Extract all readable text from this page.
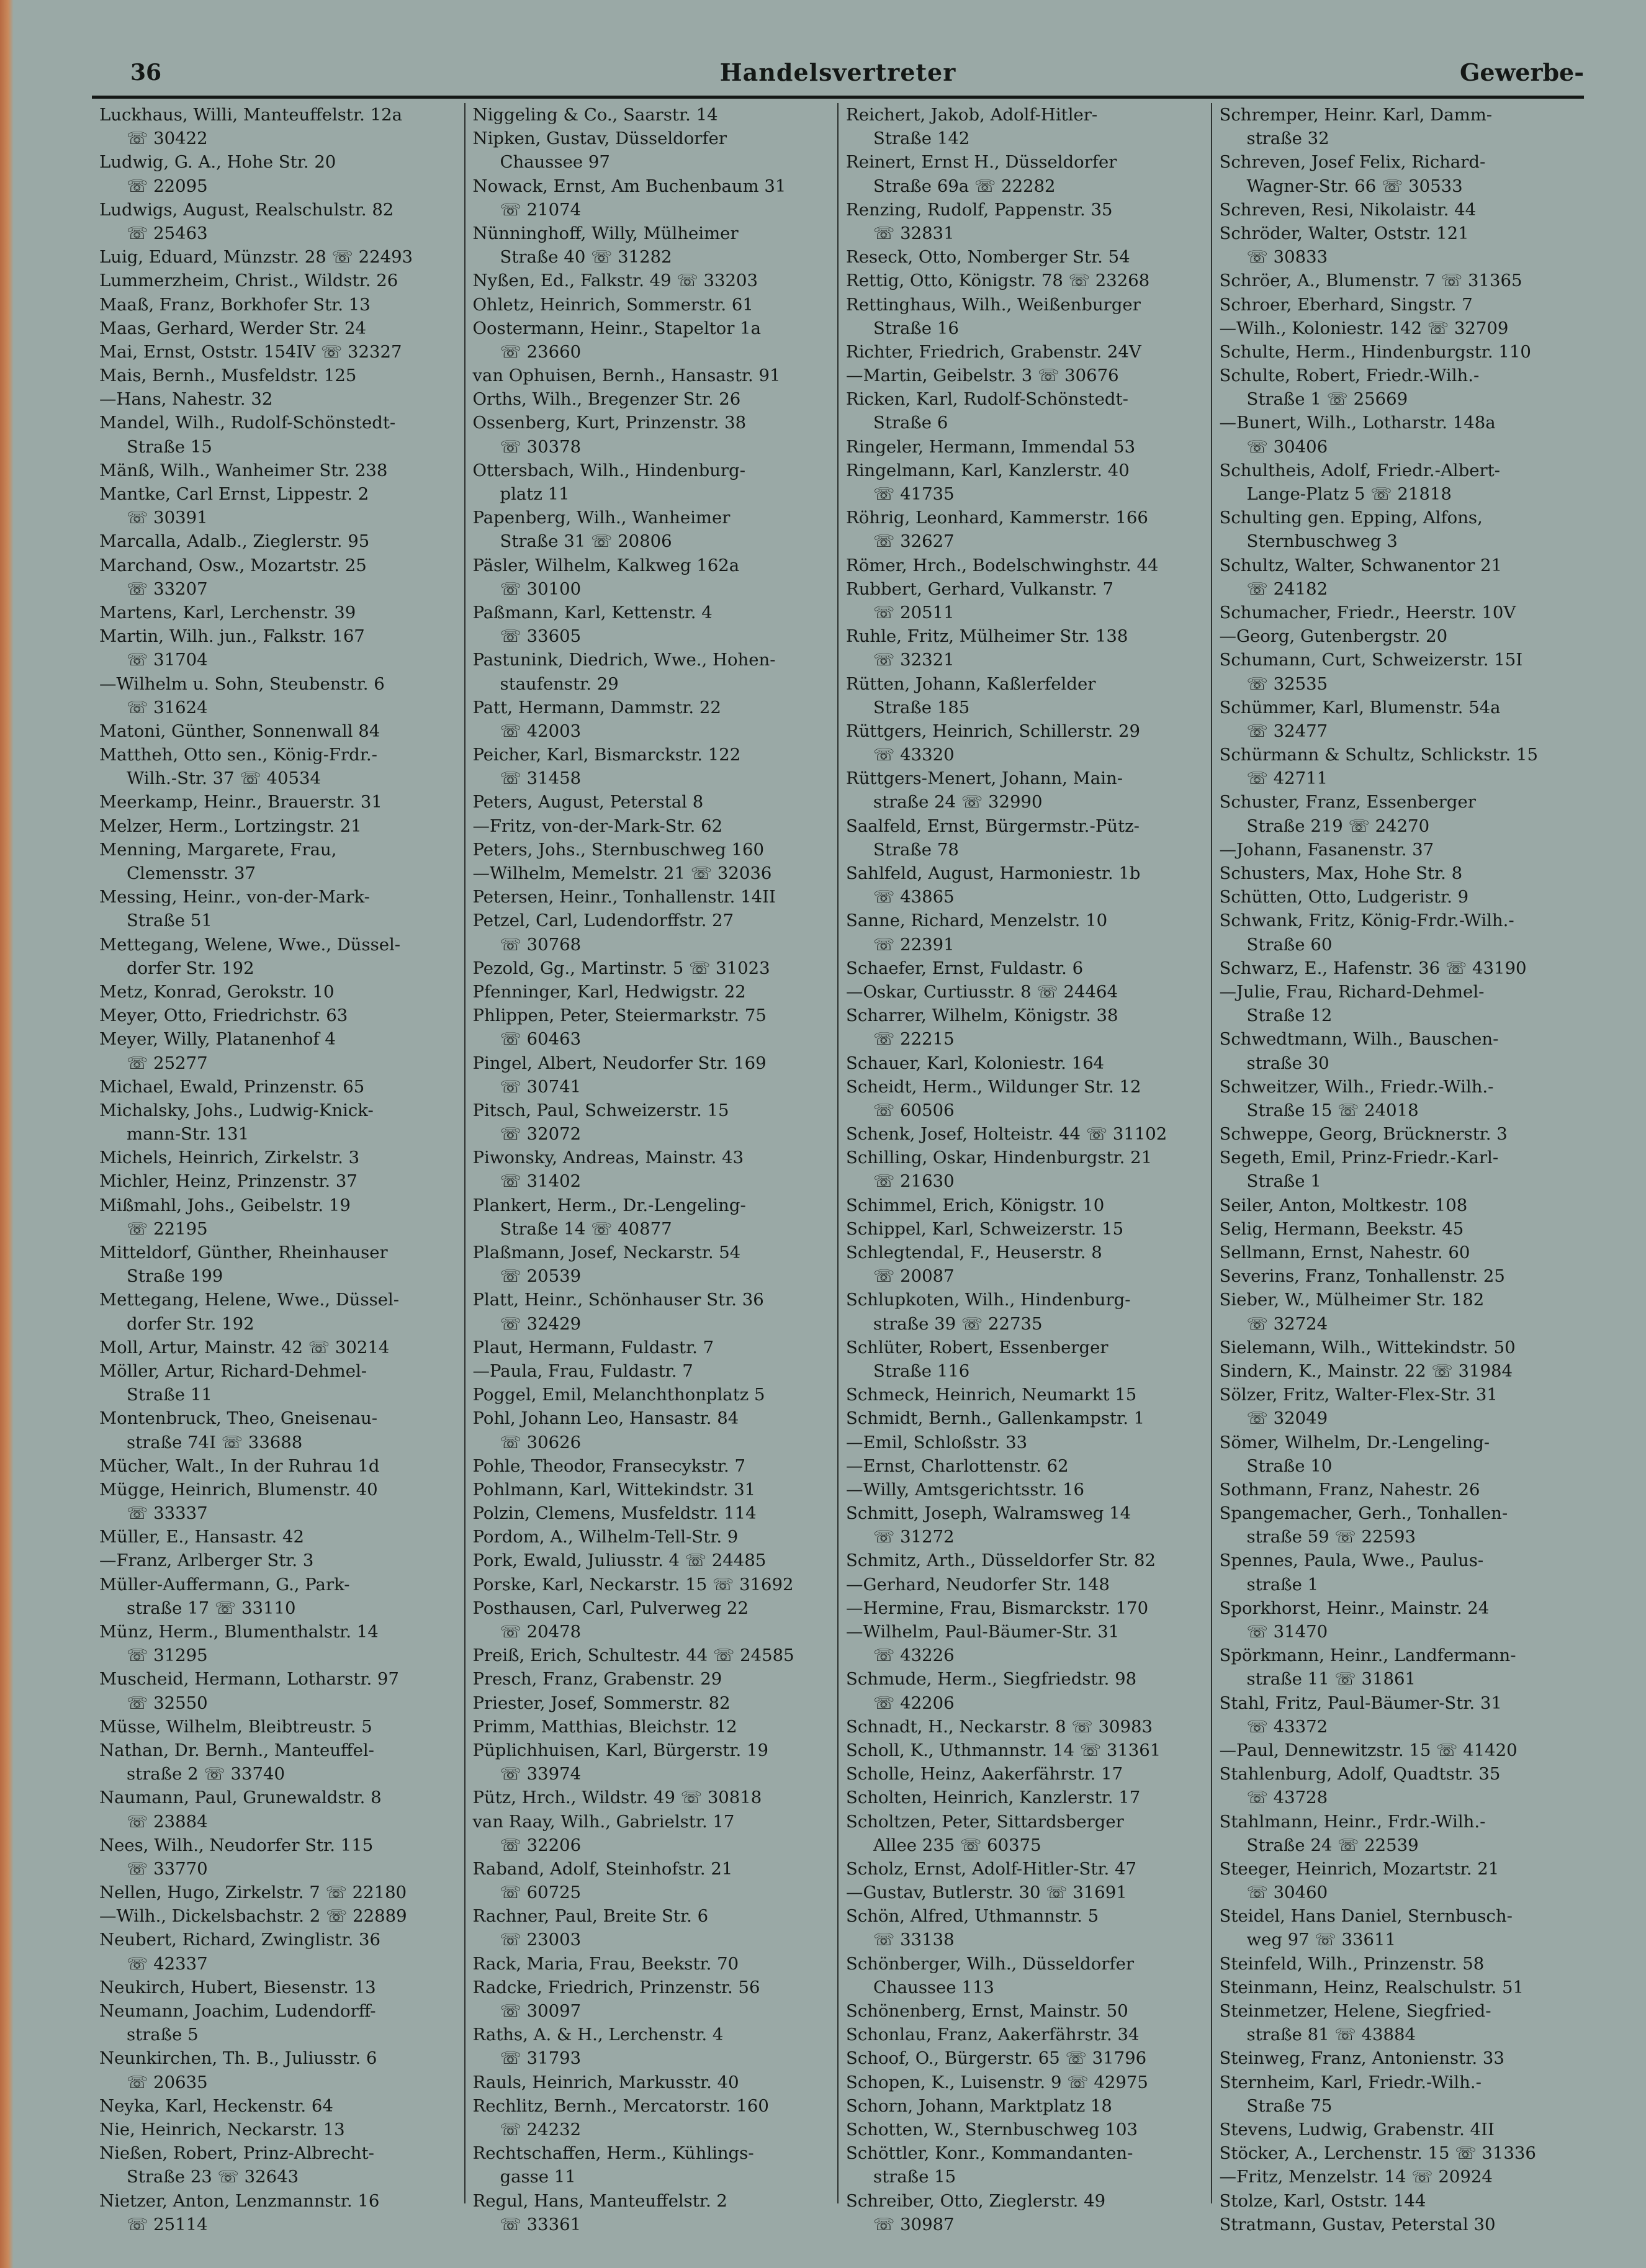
36	Handelsvertreter	Gewerbe-
Luckhaus, Willi, Manteuffelstr. 12a
☏ 30422
Ludwig, G. A., Hohe Str. 20
☏ 22095
Ludwigs, August, Realschulstr. 82
☏ 25463
Luig, Eduard, Münzstr. 28 ☏ 22493
Lummerzheim, Christ., Wildstr. 26
Maaß, Franz, Borkhofer Str. 13
Maas, Gerhard, Werder Str. 24
Mai, Ernst, Oststr. 154IV ☏ 32327
Mais, Bernh., Musfeldstr. 125
—Hans, Nahestr. 32
Mandel, Wilh., Rudolf-Schönstedt-
Straße 15
Mänß, Wilh., Wanheimer Str. 238
Mantke, Carl Ernst, Lippestr. 2
☏ 30391
Marcalla, Adalb., Zieglerstr. 95
Marchand, Osw., Mozartstr. 25
☏ 33207
Martens, Karl, Lerchenstr. 39
Martin, Wilh. jun., Falkstr. 167
☏ 31704
—Wilhelm u. Sohn, Steubenstr. 6
☏ 31624
Matoni, Günther, Sonnenwall 84
Mattheh, Otto sen., König-Frdr.-
Wilh.-Str. 37 ☏ 40534
Meerkamp, Heinr., Brauerstr. 31
Melzer, Herm., Lortzingstr. 21
Menning, Margarete, Frau,
Clemensstr. 37
Messing, Heinr., von-der-Mark-
Straße 51
Mettegang, Welene, Wwe., Düssel-
dorfer Str. 192
Metz, Konrad, Gerokstr. 10
Meyer, Otto, Friedrichstr. 63
Meyer, Willy, Platanenhof 4
☏ 25277
Michael, Ewald, Prinzenstr. 65
Michalsky, Johs., Ludwig-Knick-
mann-Str. 131
Michels, Heinrich, Zirkelstr. 3
Michler, Heinz, Prinzenstr. 37
Mißmahl, Johs., Geibelstr. 19
☏ 22195
Mitteldorf, Günther, Rheinhauser
Straße 199
Mettegang, Helene, Wwe., Düssel-
dorfer Str. 192
Moll, Artur, Mainstr. 42 ☏ 30214
Möller, Artur, Richard-Dehmel-
Straße 11
Montenbruck, Theo, Gneisenau-
straße 74I ☏ 33688
Mücher, Walt., In der Ruhrau 1d
Mügge, Heinrich, Blumenstr. 40
☏ 33337
Müller, E., Hansastr. 42
—Franz, Arlberger Str. 3
Müller-Auffermann, G., Park-
straße 17 ☏ 33110
Münz, Herm., Blumenthalstr. 14
☏ 31295
Muscheid, Hermann, Lotharstr. 97
☏ 32550
Müsse, Wilhelm, Bleibtreustr. 5
Nathan, Dr. Bernh., Manteuffel-
straße 2 ☏ 33740
Naumann, Paul, Grunewaldstr. 8
☏ 23884
Nees, Wilh., Neudorfer Str. 115
☏ 33770
Nellen, Hugo, Zirkelstr. 7 ☏ 22180
—Wilh., Dickelsbachstr. 2 ☏ 22889
Neubert, Richard, Zwinglistr. 36
☏ 42337
Neukirch, Hubert, Biesenstr. 13
Neumann, Joachim, Ludendorff-
straße 5
Neunkirchen, Th. B., Juliusstr. 6
☏ 20635
Neyka, Karl, Heckenstr. 64
Nie, Heinrich, Neckarstr. 13
Nießen, Robert, Prinz-Albrecht-
Straße 23 ☏ 32643
Nietzer, Anton, Lenzmannstr. 16
☏ 25114
Niggeling & Co., Saarstr. 14
Nipken, Gustav, Düsseldorfer
Chaussee 97
Nowack, Ernst, Am Buchenbaum 31
☏ 21074
Nünninghoff, Willy, Mülheimer
Straße 40 ☏ 31282
Nyßen, Ed., Falkstr. 49 ☏ 33203
Ohletz, Heinrich, Sommerstr. 61
Oostermann, Heinr., Stapeltor 1a
☏ 23660
van Ophuisen, Bernh., Hansastr. 91
Orths, Wilh., Bregenzer Str. 26
Ossenberg, Kurt, Prinzenstr. 38
☏ 30378
Ottersbach, Wilh., Hindenburg-
platz 11
Papenberg, Wilh., Wanheimer
Straße 31 ☏ 20806
Päsler, Wilhelm, Kalkweg 162a
☏ 30100
Paßmann, Karl, Kettenstr. 4
☏ 33605
Pastunink, Diedrich, Wwe., Hohen-
staufenstr. 29
Patt, Hermann, Dammstr. 22
☏ 42003
Peicher, Karl, Bismarckstr. 122
☏ 31458
Peters, August, Peterstal 8
—Fritz, von-der-Mark-Str. 62
Peters, Johs., Sternbuschweg 160
—Wilhelm, Memelstr. 21 ☏ 32036
Petersen, Heinr., Tonhallenstr. 14II
Petzel, Carl, Ludendorffstr. 27
☏ 30768
Pezold, Gg., Martinstr. 5 ☏ 31023
Pfenninger, Karl, Hedwigstr. 22
Phlippen, Peter, Steiermarkstr. 75
☏ 60463
Pingel, Albert, Neudorfer Str. 169
☏ 30741
Pitsch, Paul, Schweizerstr. 15
☏ 32072
Piwonsky, Andreas, Mainstr. 43
☏ 31402
Plankert, Herm., Dr.-Lengeling-
Straße 14 ☏ 40877
Plaßmann, Josef, Neckarstr. 54
☏ 20539
Platt, Heinr., Schönhauser Str. 36
☏ 32429
Plaut, Hermann, Fuldastr. 7
—Paula, Frau, Fuldastr. 7
Poggel, Emil, Melanchthonplatz 5
Pohl, Johann Leo, Hansastr. 84
☏ 30626
Pohle, Theodor, Fransecykstr. 7
Pohlmann, Karl, Wittekindstr. 31
Polzin, Clemens, Musfeldstr. 114
Pordom, A., Wilhelm-Tell-Str. 9
Pork, Ewald, Juliusstr. 4 ☏ 24485
Porske, Karl, Neckarstr. 15 ☏ 31692
Posthausen, Carl, Pulverweg 22
☏ 20478
Preiß, Erich, Schultestr. 44 ☏ 24585
Presch, Franz, Grabenstr. 29
Priester, Josef, Sommerstr. 82
Primm, Matthias, Bleichstr. 12
Püplichhuisen, Karl, Bürgerstr. 19
☏ 33974
Pütz, Hrch., Wildstr. 49 ☏ 30818
van Raay, Wilh., Gabrielstr. 17
☏ 32206
Raband, Adolf, Steinhofstr. 21
☏ 60725
Rachner, Paul, Breite Str. 6
☏ 23003
Rack, Maria, Frau, Beekstr. 70
Radcke, Friedrich, Prinzenstr. 56
☏ 30097
Raths, A. & H., Lerchenstr. 4
☏ 31793
Rauls, Heinrich, Markusstr. 40
Rechlitz, Bernh., Mercatorstr. 160
☏ 24232
Rechtschaffen, Herm., Kühlings-
gasse 11
Regul, Hans, Manteuffelstr. 2
☏ 33361
Reichert, Jakob, Adolf-Hitler-
Straße 142
Reinert, Ernst H., Düsseldorfer
Straße 69a ☏ 22282
Renzing, Rudolf, Pappenstr. 35
☏ 32831
Reseck, Otto, Nomberger Str. 54
Rettig, Otto, Königstr. 78 ☏ 23268
Rettinghaus, Wilh., Weißenburger
Straße 16
Richter, Friedrich, Grabenstr. 24V
—Martin, Geibelstr. 3 ☏ 30676
Ricken, Karl, Rudolf-Schönstedt-
Straße 6
Ringeler, Hermann, Immendal 53
Ringelmann, Karl, Kanzlerstr. 40
☏ 41735
Röhrig, Leonhard, Kammerstr. 166
☏ 32627
Römer, Hrch., Bodelschwinghstr. 44
Rubbert, Gerhard, Vulkanstr. 7
☏ 20511
Ruhle, Fritz, Mülheimer Str. 138
☏ 32321
Rütten, Johann, Kaßlerfelder
Straße 185
Rüttgers, Heinrich, Schillerstr. 29
☏ 43320
Rüttgers-Menert, Johann, Main-
straße 24 ☏ 32990
Saalfeld, Ernst, Bürgermstr.-Pütz-
Straße 78
Sahlfeld, August, Harmoniestr. 1b
☏ 43865
Sanne, Richard, Menzelstr. 10
☏ 22391
Schaefer, Ernst, Fuldastr. 6
—Oskar, Curtiusstr. 8 ☏ 24464
Scharrer, Wilhelm, Königstr. 38
☏ 22215
Schauer, Karl, Koloniestr. 164
Scheidt, Herm., Wildunger Str. 12
☏ 60506
Schenk, Josef, Holteistr. 44 ☏ 31102
Schilling, Oskar, Hindenburgstr. 21
☏ 21630
Schimmel, Erich, Königstr. 10
Schippel, Karl, Schweizerstr. 15
Schlegtendal, F., Heuserstr. 8
☏ 20087
Schlupkoten, Wilh., Hindenburg-
straße 39 ☏ 22735
Schlüter, Robert, Essenberger
Straße 116
Schmeck, Heinrich, Neumarkt 15
Schmidt, Bernh., Gallenkampstr. 1
—Emil, Schloßstr. 33
—Ernst, Charlottenstr. 62
—Willy, Amtsgerichtsstr. 16
Schmitt, Joseph, Walramsweg 14
☏ 31272
Schmitz, Arth., Düsseldorfer Str. 82
—Gerhard, Neudorfer Str. 148
—Hermine, Frau, Bismarckstr. 170
—Wilhelm, Paul-Bäumer-Str. 31
☏ 43226
Schmude, Herm., Siegfriedstr. 98
☏ 42206
Schnadt, H., Neckarstr. 8 ☏ 30983
Scholl, K., Uthmannstr. 14 ☏ 31361
Scholle, Heinz, Aakerfährstr. 17
Scholten, Heinrich, Kanzlerstr. 17
Scholtzen, Peter, Sittardsberger
Allee 235 ☏ 60375
Scholz, Ernst, Adolf-Hitler-Str. 47
—Gustav, Butlerstr. 30 ☏ 31691
Schön, Alfred, Uthmannstr. 5
☏ 33138
Schönberger, Wilh., Düsseldorfer
Chaussee 113
Schönenberg, Ernst, Mainstr. 50
Schonlau, Franz, Aakerfährstr. 34
Schoof, O., Bürgerstr. 65 ☏ 31796
Schopen, K., Luisenstr. 9 ☏ 42975
Schorn, Johann, Marktplatz 18
Schotten, W., Sternbuschweg 103
Schöttler, Konr., Kommandanten-
straße 15
Schreiber, Otto, Zieglerstr. 49
☏ 30987
Schremper, Heinr. Karl, Damm-
straße 32
Schreven, Josef Felix, Richard-
Wagner-Str. 66 ☏ 30533
Schreven, Resi, Nikolaistr. 44
Schröder, Walter, Oststr. 121
☏ 30833
Schröer, A., Blumenstr. 7 ☏ 31365
Schroer, Eberhard, Singstr. 7
—Wilh., Koloniestr. 142 ☏ 32709
Schulte, Herm., Hindenburgstr. 110
Schulte, Robert, Friedr.-Wilh.-
Straße 1 ☏ 25669
—Bunert, Wilh., Lotharstr. 148a
☏ 30406
Schultheis, Adolf, Friedr.-Albert-
Lange-Platz 5 ☏ 21818
Schulting gen. Epping, Alfons,
Sternbuschweg 3
Schultz, Walter, Schwanentor 21
☏ 24182
Schumacher, Friedr., Heerstr. 10V
—Georg, Gutenbergstr. 20
Schumann, Curt, Schweizerstr. 15I
☏ 32535
Schümmer, Karl, Blumenstr. 54a
☏ 32477
Schürmann & Schultz, Schlickstr. 15
☏ 42711
Schuster, Franz, Essenberger
Straße 219 ☏ 24270
—Johann, Fasanenstr. 37
Schusters, Max, Hohe Str. 8
Schütten, Otto, Ludgeristr. 9
Schwank, Fritz, König-Frdr.-Wilh.-
Straße 60
Schwarz, E., Hafenstr. 36 ☏ 43190
—Julie, Frau, Richard-Dehmel-
Straße 12
Schwedtmann, Wilh., Bauschen-
straße 30
Schweitzer, Wilh., Friedr.-Wilh.-
Straße 15 ☏ 24018
Schweppe, Georg, Brücknerstr. 3
Segeth, Emil, Prinz-Friedr.-Karl-
Straße 1
Seiler, Anton, Moltkestr. 108
Selig, Hermann, Beekstr. 45
Sellmann, Ernst, Nahestr. 60
Severins, Franz, Tonhallenstr. 25
Sieber, W., Mülheimer Str. 182
☏ 32724
Sielemann, Wilh., Wittekindstr. 50
Sindern, K., Mainstr. 22 ☏ 31984
Sölzer, Fritz, Walter-Flex-Str. 31
☏ 32049
Sömer, Wilhelm, Dr.-Lengeling-
Straße 10
Sothmann, Franz, Nahestr. 26
Spangemacher, Gerh., Tonhallen-
straße 59 ☏ 22593
Spennes, Paula, Wwe., Paulus-
straße 1
Sporkhorst, Heinr., Mainstr. 24
☏ 31470
Spörkmann, Heinr., Landfermann-
straße 11 ☏ 31861
Stahl, Fritz, Paul-Bäumer-Str. 31
☏ 43372
—Paul, Dennewitzstr. 15 ☏ 41420
Stahlenburg, Adolf, Quadtstr. 35
☏ 43728
Stahlmann, Heinr., Frdr.-Wilh.-
Straße 24 ☏ 22539
Steeger, Heinrich, Mozartstr. 21
☏ 30460
Steidel, Hans Daniel, Sternbusch-
weg 97 ☏ 33611
Steinfeld, Wilh., Prinzenstr. 58
Steinmann, Heinz, Realschulstr. 51
Steinmetzer, Helene, Siegfried-
straße 81 ☏ 43884
Steinweg, Franz, Antonienstr. 33
Sternheim, Karl, Friedr.-Wilh.-
Straße 75
Stevens, Ludwig, Grabenstr. 4II
Stöcker, A., Lerchenstr. 15 ☏ 31336
—Fritz, Menzelstr. 14 ☏ 20924
Stolze, Karl, Oststr. 144
Stratmann, Gustav, Peterstal 30
